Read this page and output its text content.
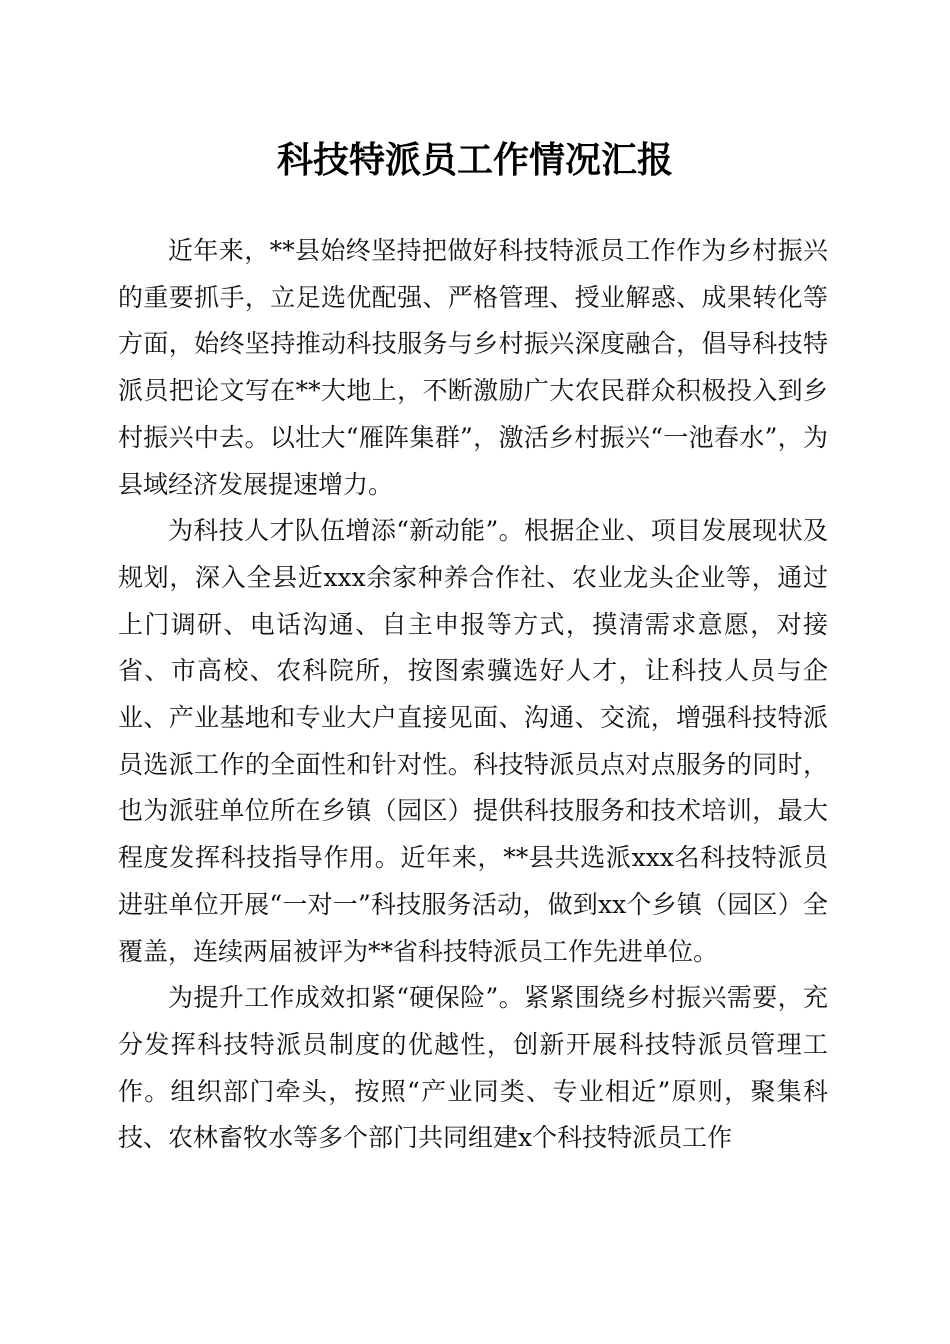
科技特派员工作情况汇报

近年来，**县始终坚持把做好科技特派员工作作为乡村振兴的重要抓手，立足选优配强、严格管理、授业解惑、成果转化等方面，始终坚持推动科技服务与乡村振兴深度融合，倡导科技特派员把论文写在**大地上，不断激励广大农民群众积极投入到乡村振兴中去。以壮大“雁阵集群”，激活乡村振兴“一池春水”，为县域经济发展提速增力。

为科技人才队伍增添“新动能”。根据企业、项目发展现状及规划，深入全县近xxx余家种养合作社、农业龙头企业等，通过上门调研、电话沟通、自主申报等方式，摸清需求意愿，对接省、市高校、农科院所，按图索骥选好人才，让科技人员与企业、产业基地和专业大户直接见面、沟通、交流，增强科技特派员选派工作的全面性和针对性。科技特派员点对点服务的同时，也为派驻单位所在乡镇（园区）提供科技服务和技术培训，最大程度发挥科技指导作用。近年来，**县共选派xxx名科技特派员进驻单位开展“一对一”科技服务活动，做到xx个乡镇（园区）全覆盖，连续两届被评为**省科技特派员工作先进单位。

为提升工作成效扣紧“硬保险”。紧紧围绕乡村振兴需要，充分发挥科技特派员制度的优越性，创新开展科技特派员管理工作。组织部门牵头，按照“产业同类、专业相近”原则，聚集科技、农林畜牧水等多个部门共同组建x个科技特派员工作
